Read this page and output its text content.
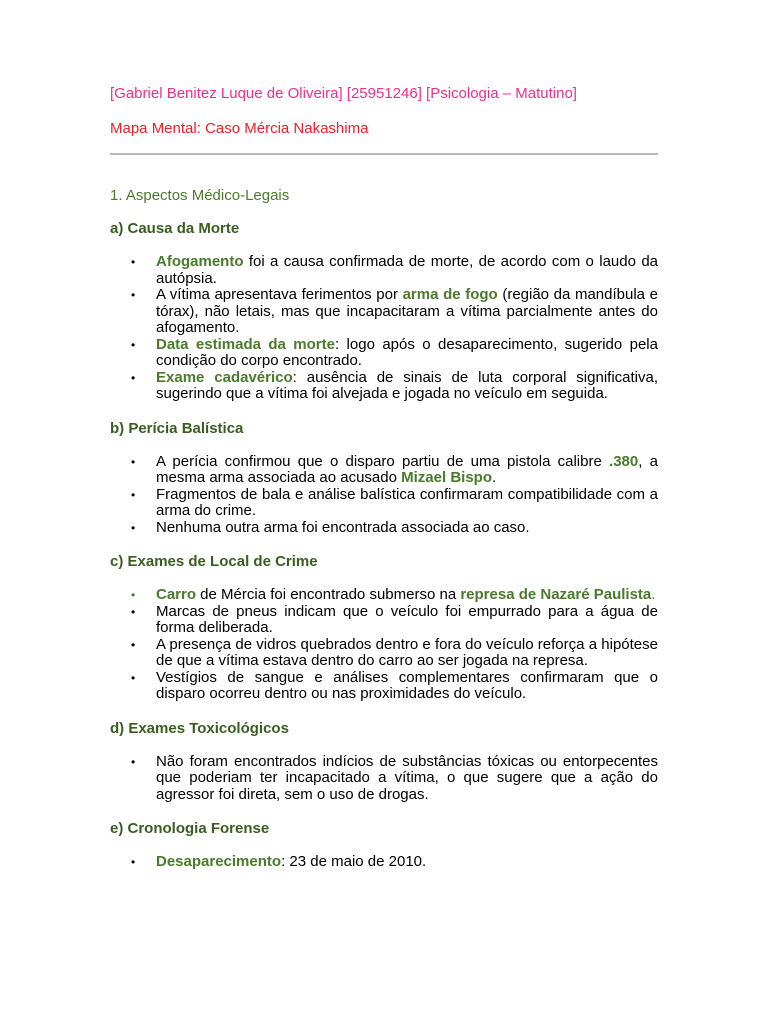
[Gabriel Benitez Luque de Oliveira] [25951246] [Psicologia – Matutino]
Mapa Mental: Caso Mércia Nakashima
1. Aspectos Médico-Legais
a) Causa da Morte
• Afogamento foi a causa confirmada de morte, de acordo com o laudo da autópsia.
• A vítima apresentava ferimentos por arma de fogo (região da mandíbula e tórax), não letais, mas que incapacitaram a vítima parcialmente antes do afogamento.
• Data estimada da morte: logo após o desaparecimento, sugerido pela condição do corpo encontrado.
• Exame cadavérico: ausência de sinais de luta corporal significativa, sugerindo que a vítima foi alvejada e jogada no veículo em seguida.
b) Perícia Balística
• A perícia confirmou que o disparo partiu de uma pistola calibre .380, a mesma arma associada ao acusado Mizael Bispo.
• Fragmentos de bala e análise balística confirmaram compatibilidade com a arma do crime.
• Nenhuma outra arma foi encontrada associada ao caso.
c) Exames de Local de Crime
• Carro de Mércia foi encontrado submerso na represa de Nazaré Paulista.
• Marcas de pneus indicam que o veículo foi empurrado para a água de forma deliberada.
• A presença de vidros quebrados dentro e fora do veículo reforça a hipótese de que a vítima estava dentro do carro ao ser jogada na represa.
• Vestígios de sangue e análises complementares confirmaram que o disparo ocorreu dentro ou nas proximidades do veículo.
d) Exames Toxicológicos
• Não foram encontrados indícios de substâncias tóxicas ou entorpecentes que poderiam ter incapacitado a vítima, o que sugere que a ação do agressor foi direta, sem o uso de drogas.
e) Cronologia Forense
• Desaparecimento: 23 de maio de 2010.
